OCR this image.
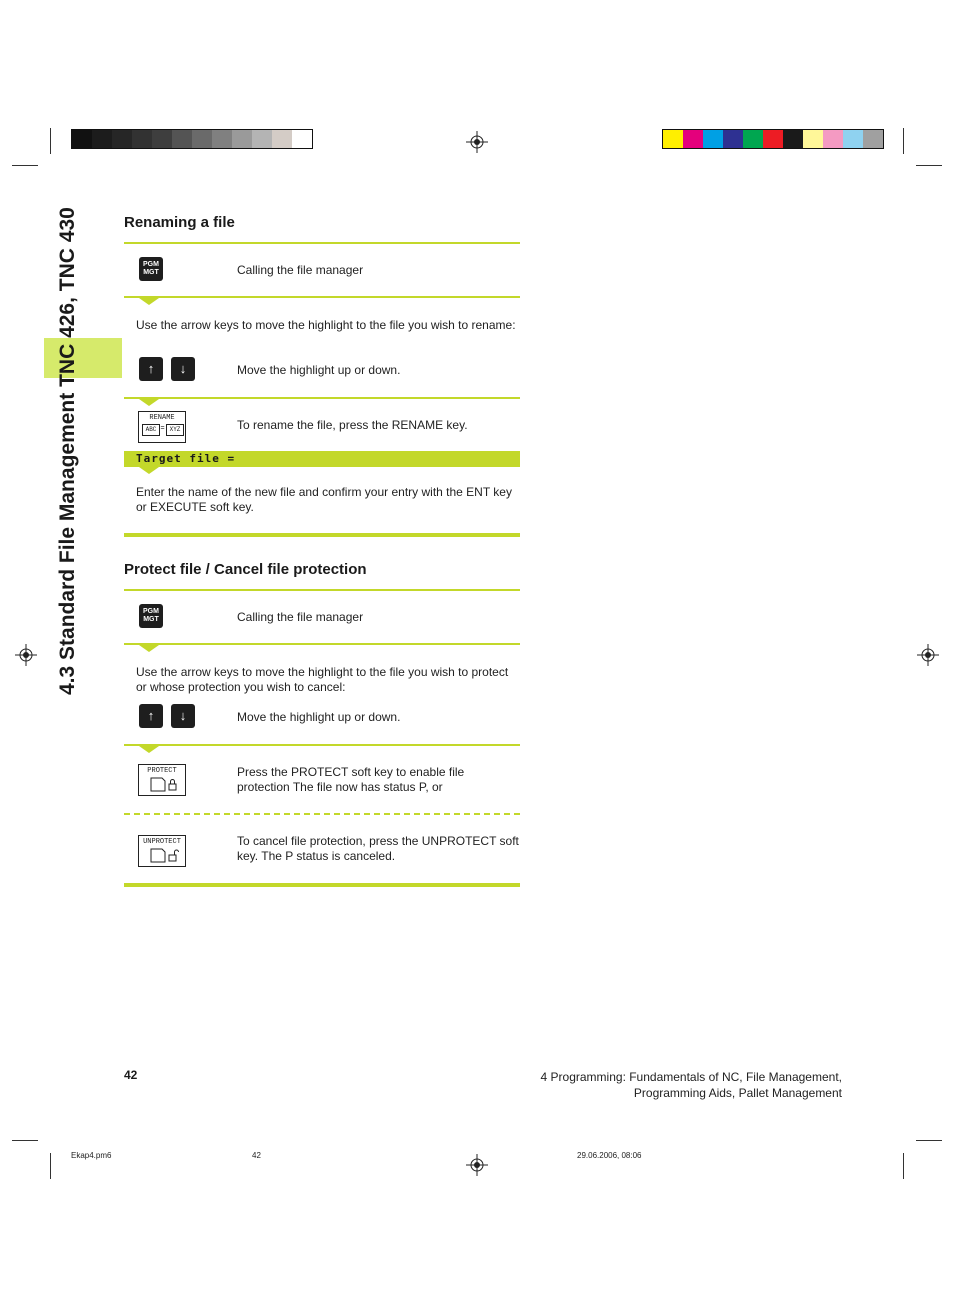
4.3 Standard File Management TNC 426, TNC 430	Renaming a file
PGM
MGT	Calling the file manager
Use the arrow keys to move the highlight to the file you wish to rename:
↑	↓	Move the highlight up or down.
RENAME
ABC = XYZ	To rename the file, press the RENAME key.
Target file =
Enter the name of the new file and confirm your entry with the ENT key or EXECUTE soft key.
Protect file / Cancel file protection
PGM
MGT	Calling the file manager
Use the arrow keys to move the highlight to the file you wish to protect or whose protection you wish to cancel:
↑	↓	Move the highlight up or down.
PROTECT	Press the PROTECT soft key to enable file protection The file now has status P, or
UNPROTECT	To cancel file protection, press the UNPROTECT soft key. The P status is canceled.
42	4 Programming: Fundamentals of NC, File Management,
Programming Aids, Pallet Management
Ekap4.pm6	42	29.06.2006, 08:06
